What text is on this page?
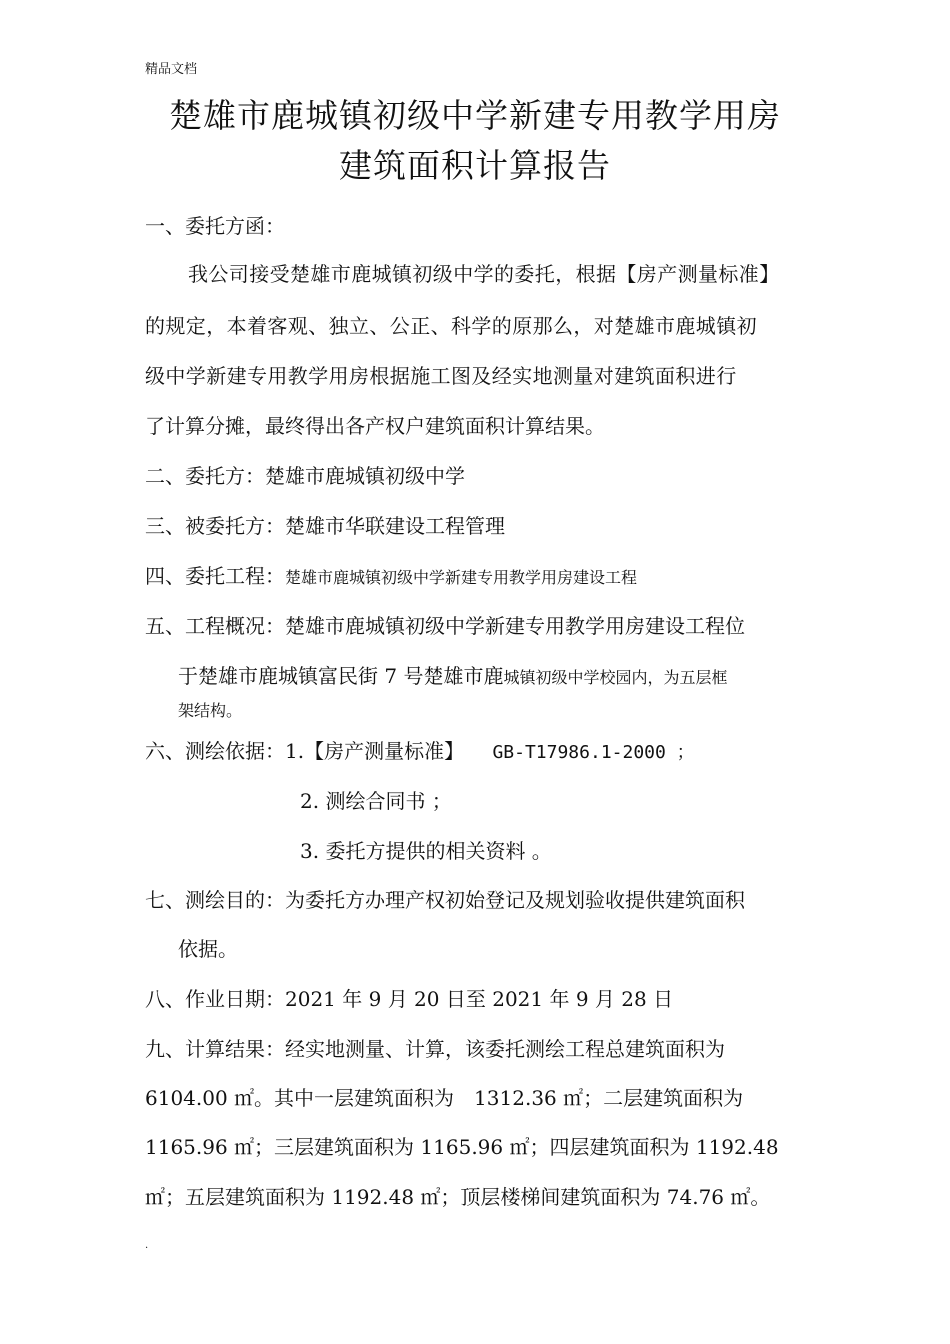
精品文档
楚雄市鹿城镇初级中学新建专用教学用房
建筑面积计算报告
一、委托方函：
我公司接受楚雄市鹿城镇初级中学的委托，根据【房产测量标准】
的规定，本着客观、独立、公正、科学的原那么，对楚雄市鹿城镇初
级中学新建专用教学用房根据施工图及经实地测量对建筑面积进行
了计算分摊，最终得出各产权户建筑面积计算结果。
二、委托方：楚雄市鹿城镇初级中学
三、被委托方：楚雄市华联建设工程管理
四、委托工程：楚雄市鹿城镇初级中学新建专用教学用房建设工程
五、工程概况：楚雄市鹿城镇初级中学新建专用教学用房建设工程位
于楚雄市鹿城镇富民街 7 号楚雄市鹿城镇初级中学校园内，为五层框
架结构。
六、测绘依据：1.【房产测量标准】 GB-T17986.1-2000 ；
2. 测绘合同书 ；
3. 委托方提供的相关资料 。
七、测绘目的：为委托方办理产权初始登记及规划验收提供建筑面积
依据。
八、作业日期：2021 年 9 月 20 日至 2021 年 9 月 28 日
九、计算结果：经实地测量、计算，该委托测绘工程总建筑面积为
6104.00 ㎡。其中一层建筑面积为　1312.36 ㎡；二层建筑面积为
1165.96 ㎡；三层建筑面积为 1165.96 ㎡；四层建筑面积为 1192.48
㎡；五层建筑面积为 1192.48 ㎡；顶层楼梯间建筑面积为 74.76 ㎡。
.
